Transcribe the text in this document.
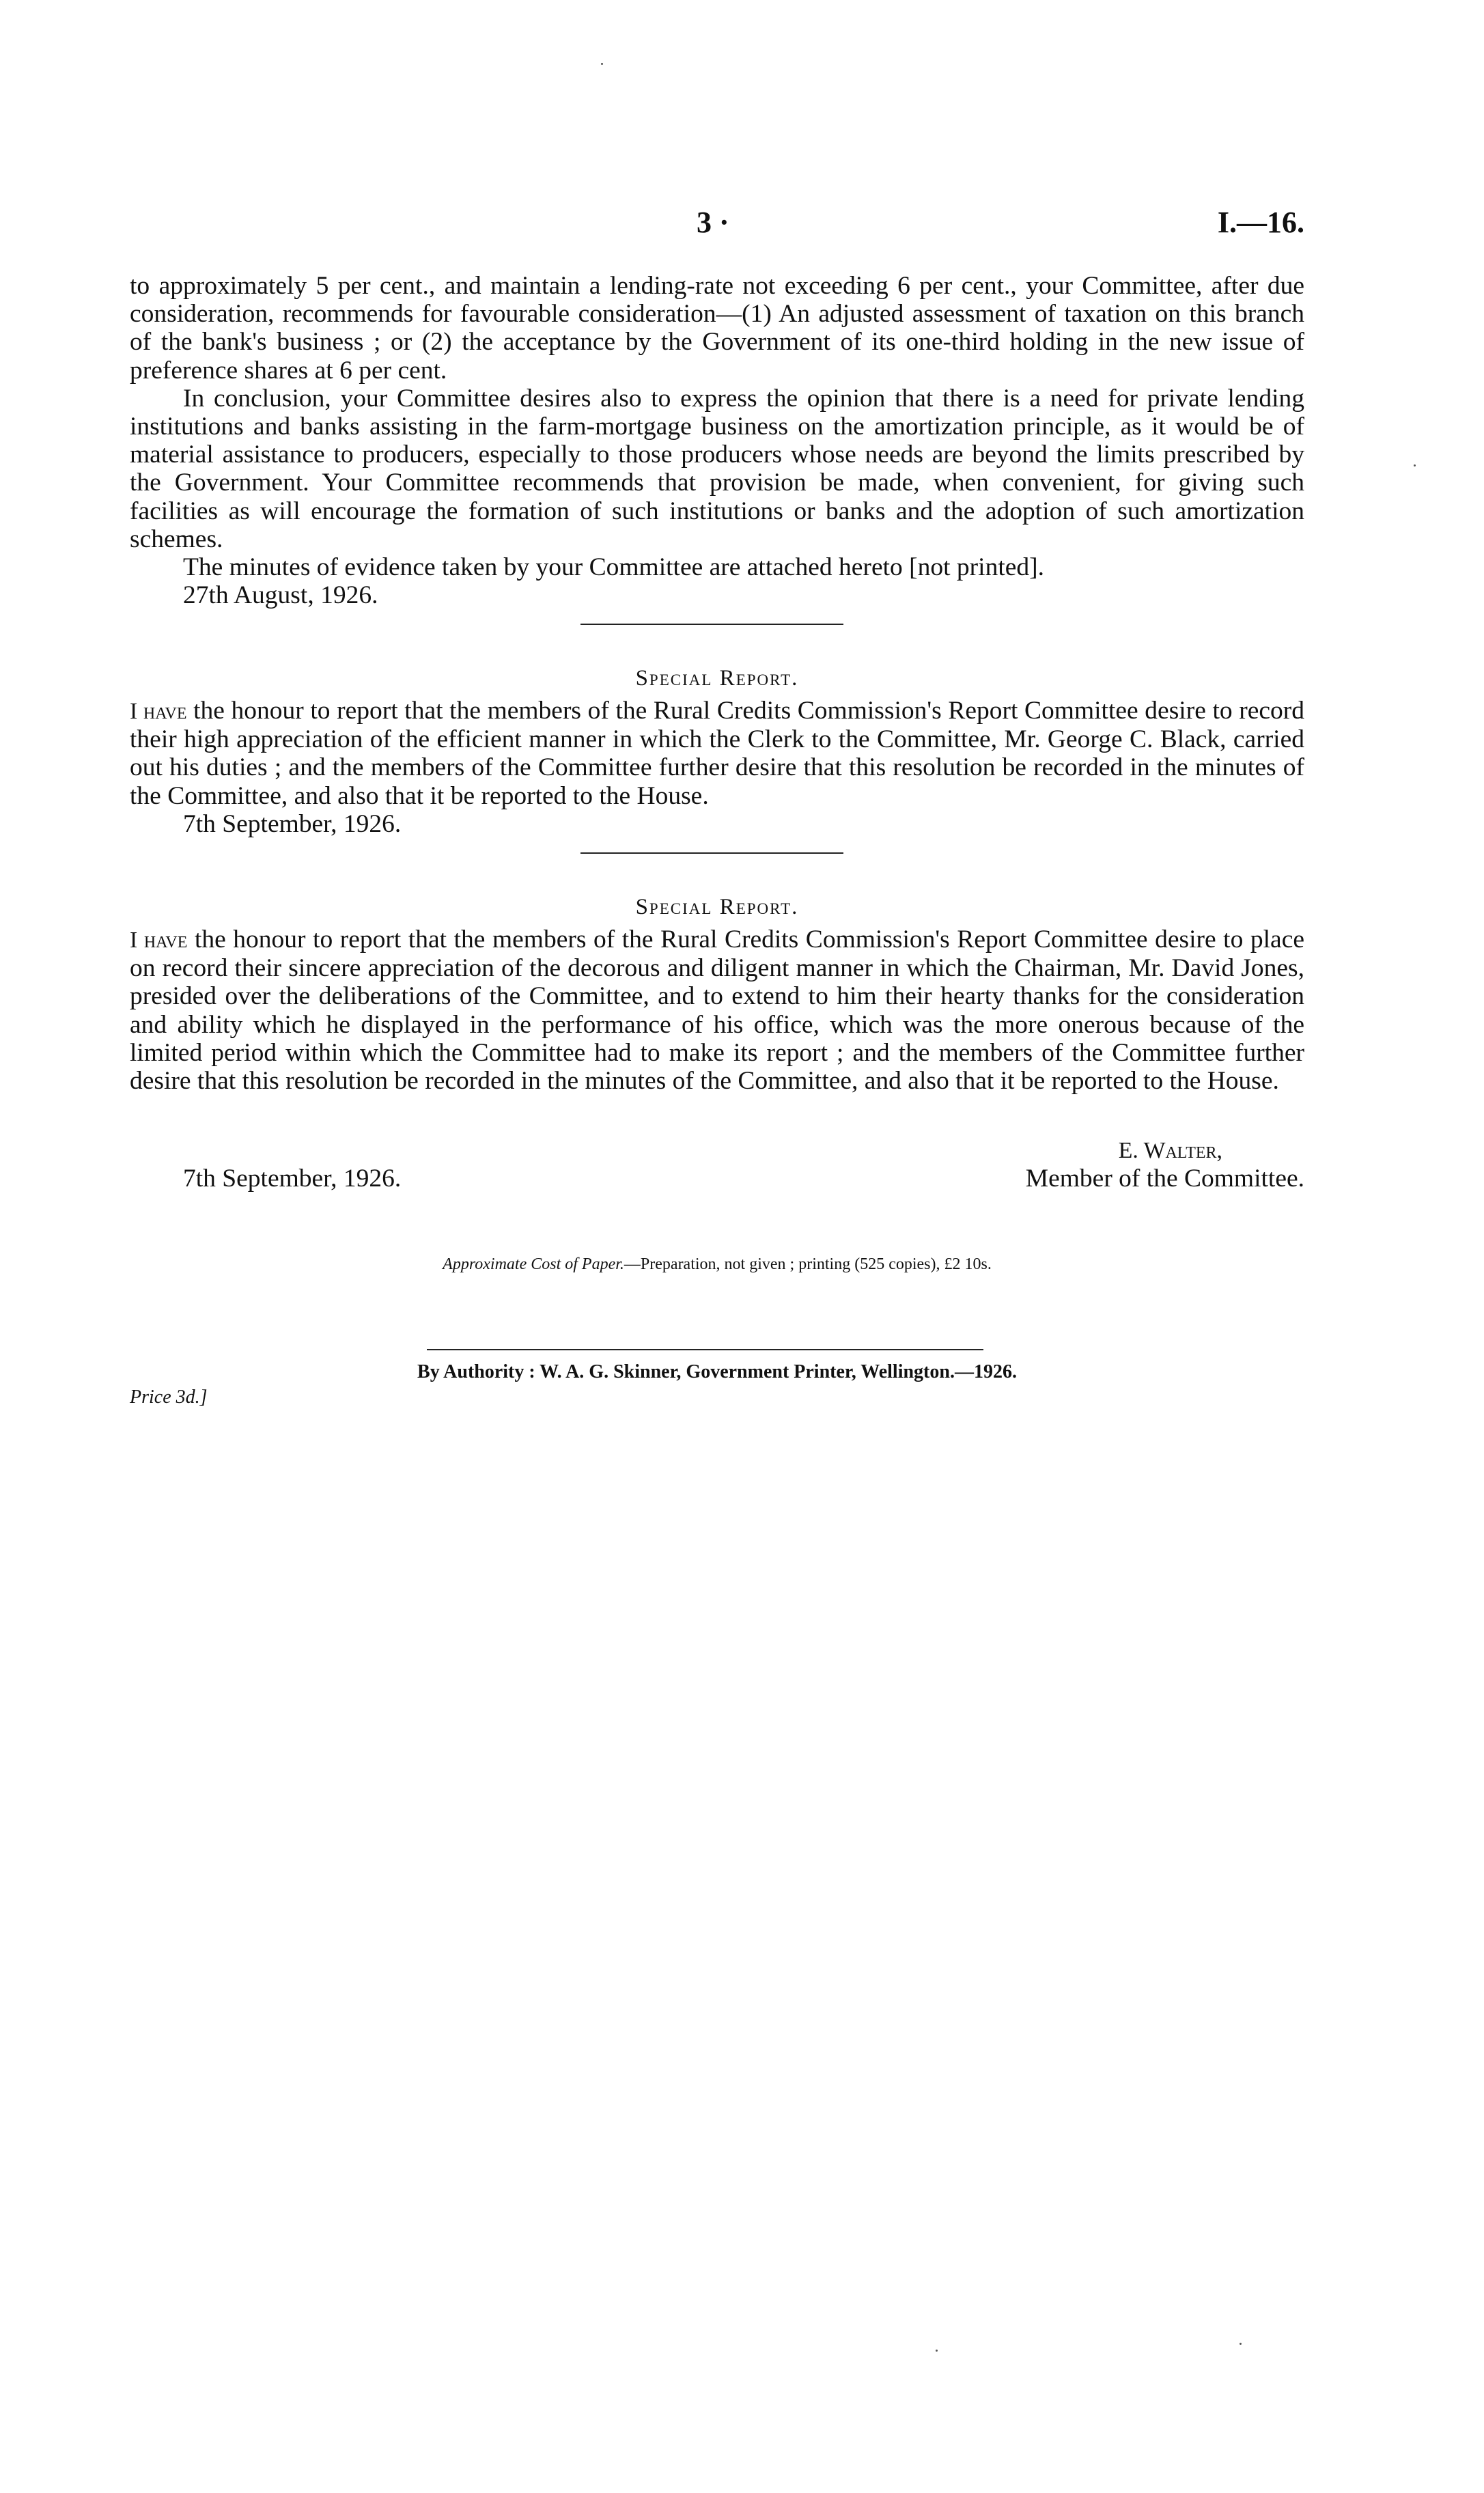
3 ·	I.—16.

to approximately 5 per cent., and maintain a lending-rate not exceeding 6 per cent., your Committee, after due consideration, recommends for favourable consideration—(1) An adjusted assessment of taxation on this branch of the bank's business ; or (2) the acceptance by the Government of its one-third holding in the new issue of preference shares at 6 per cent.

In conclusion, your Committee desires also to express the opinion that there is a need for private lending institutions and banks assisting in the farm-mortgage business on the amortization principle, as it would be of material assistance to producers, especially to those producers whose needs are beyond the limits prescribed by the Government. Your Committee recommends that provision be made, when convenient, for giving such facilities as will encourage the formation of such institutions or banks and the adoption of such amortization schemes.

The minutes of evidence taken by your Committee are attached hereto [not printed].

27th August, 1926.

Special Report.

I have the honour to report that the members of the Rural Credits Commission's Report Committee desire to record their high appreciation of the efficient manner in which the Clerk to the Committee, Mr. George C. Black, carried out his duties ; and the members of the Committee further desire that this resolution be recorded in the minutes of the Committee, and also that it be reported to the House.

7th September, 1926.

Special Report.

I have the honour to report that the members of the Rural Credits Commission's Report Committee desire to place on record their sincere appreciation of the decorous and diligent manner in which the Chairman, Mr. David Jones, presided over the deliberations of the Committee, and to extend to him their hearty thanks for the consideration and ability which he displayed in the performance of his office, which was the more onerous because of the limited period within which the Committee had to make its report ; and the members of the Committee further desire that this resolution be recorded in the minutes of the Committee, and also that it be reported to the House.

E. Walter,
7th September, 1926.	Member of the Committee.
Approximate Cost of Paper.—Preparation, not given ; printing (525 copies), £2 10s.
By Authority : W. A. G. Skinner, Government Printer, Wellington.—1926.
Price 3d.]
